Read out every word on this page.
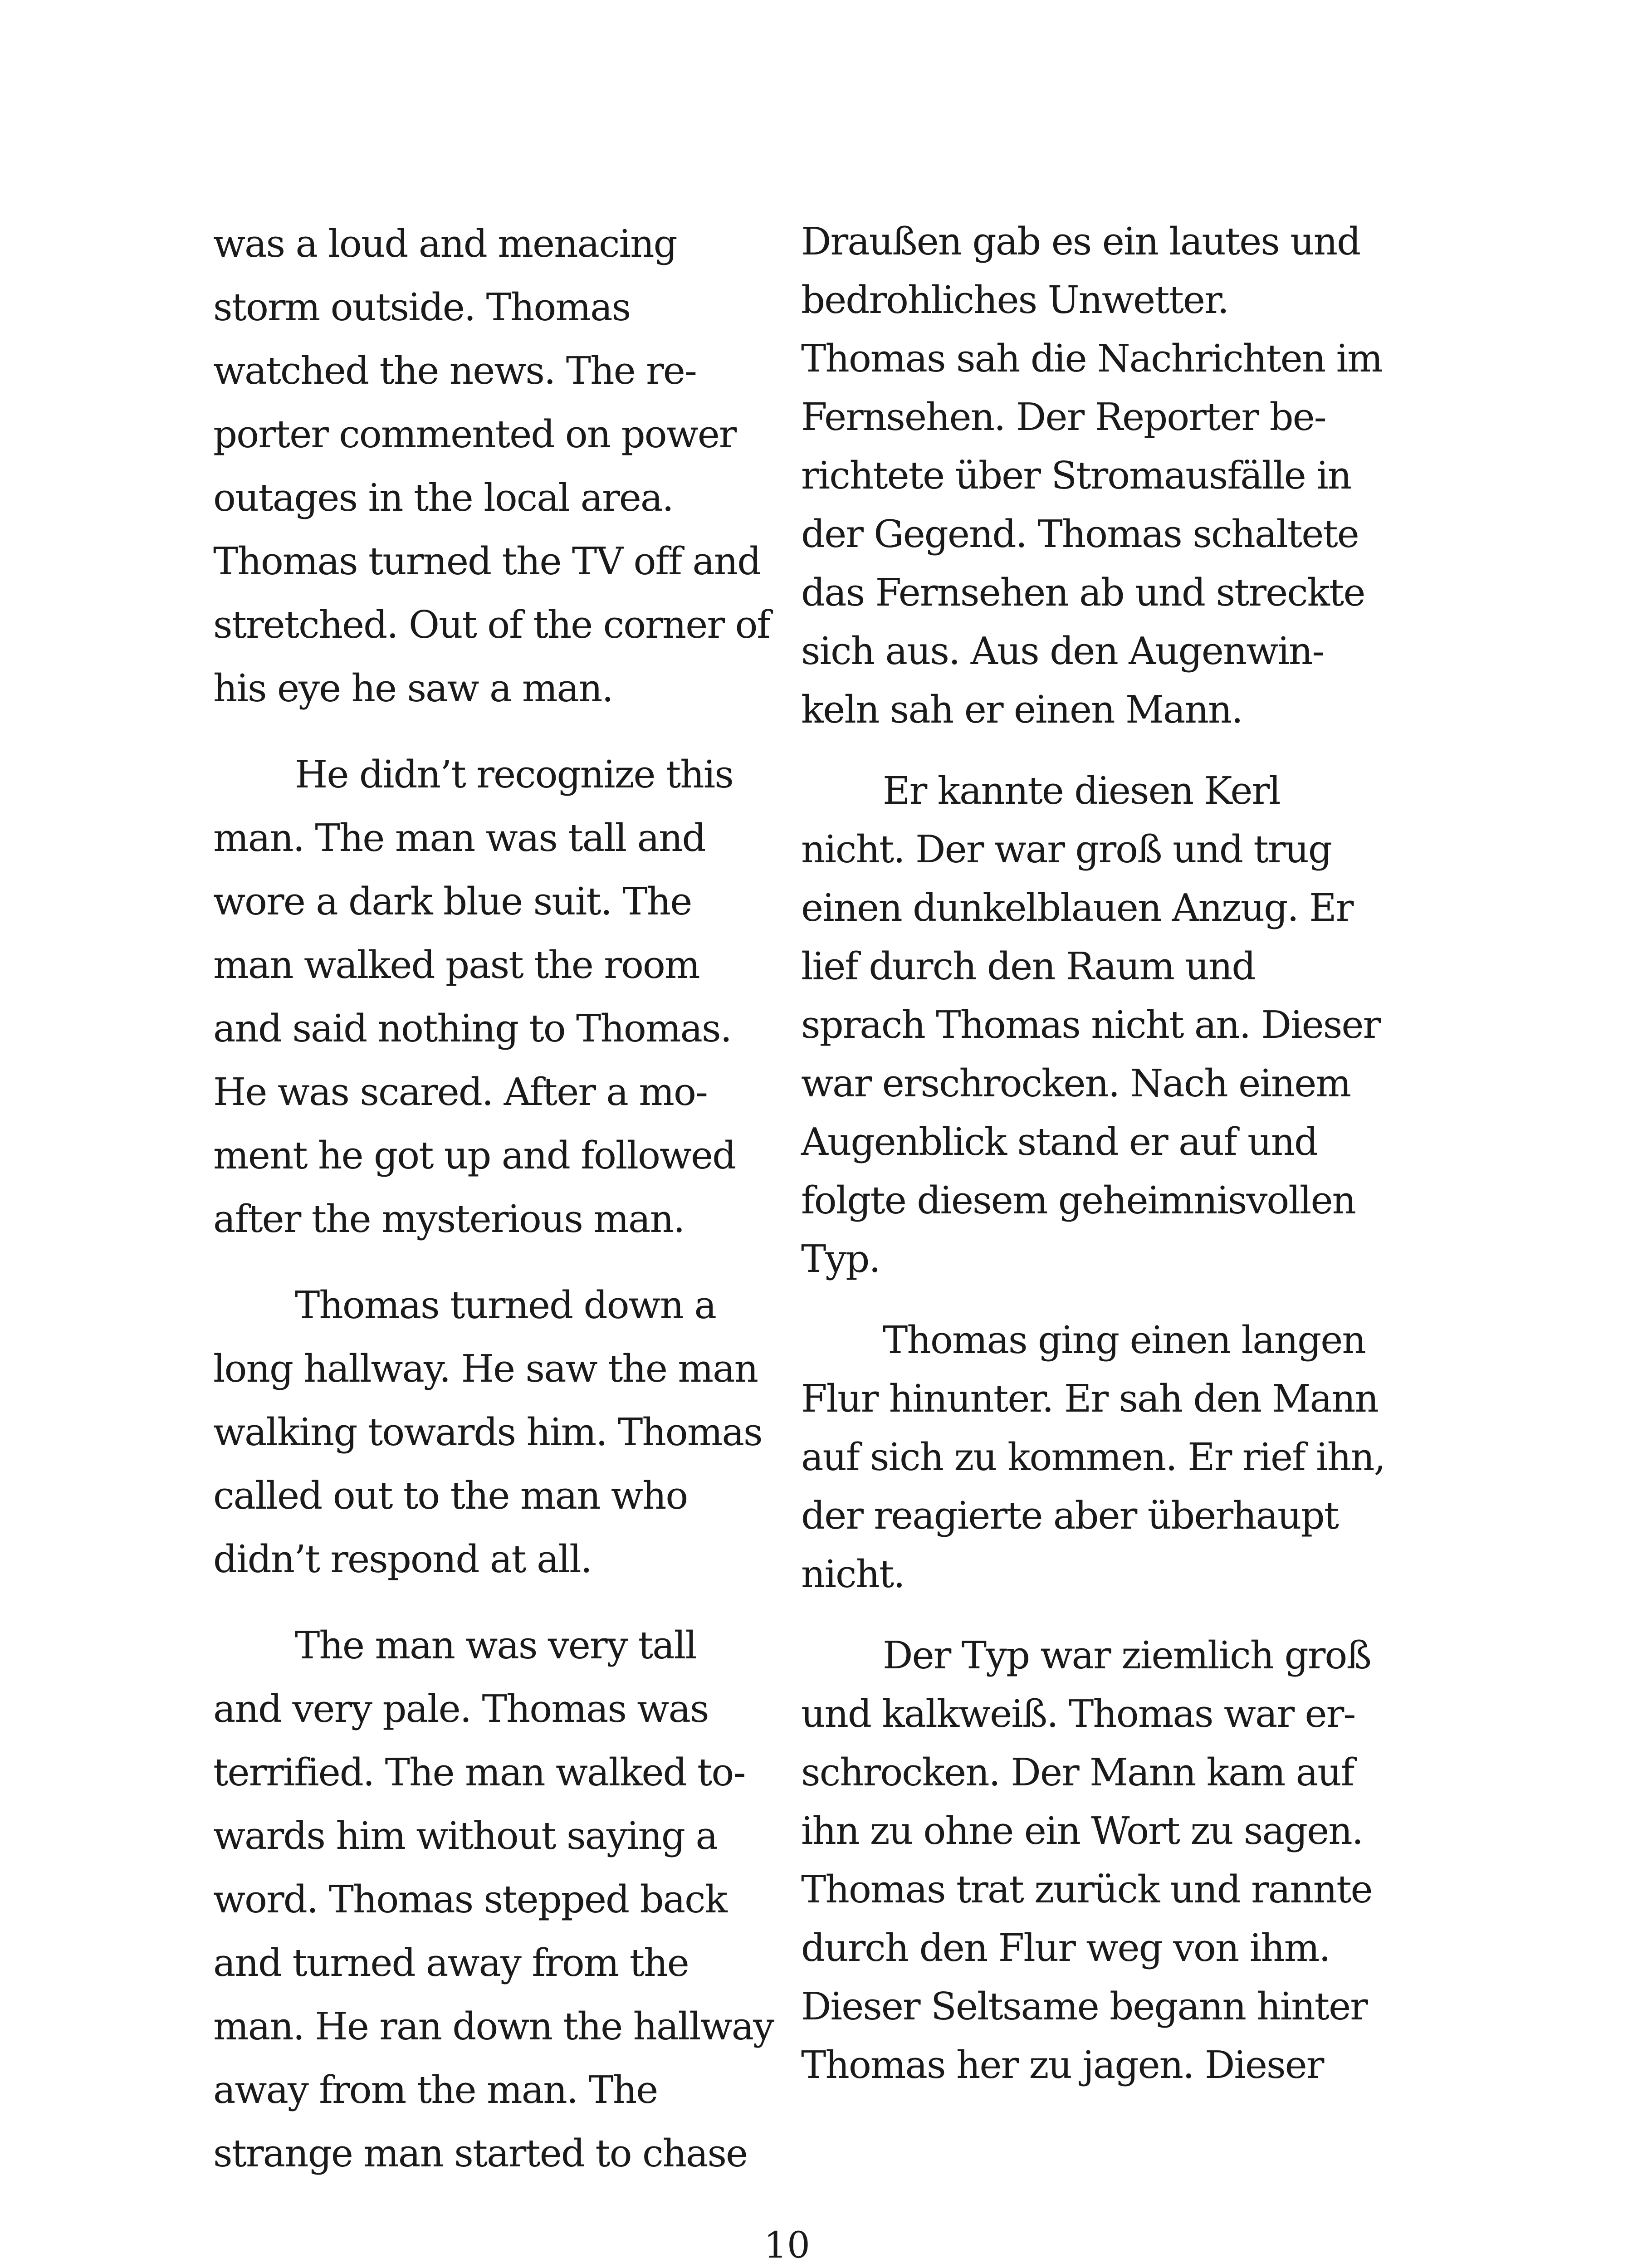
was a loud and menacing
storm outside. Thomas
watched the news. The re-
porter commented on power
outages in the local area.
Thomas turned the TV off and
stretched. Out of the corner of
his eye he saw a man.
He didn’t recognize this
man. The man was tall and
wore a dark blue suit. The
man walked past the room
and said nothing to Thomas.
He was scared. After a mo-
ment he got up and followed
after the mysterious man.
Thomas turned down a
long hallway. He saw the man
walking towards him. Thomas
called out to the man who
didn’t respond at all.
The man was very tall
and very pale. Thomas was
terrified. The man walked to-
wards him without saying a
word. Thomas stepped back
and turned away from the
man. He ran down the hallway
away from the man. The
strange man started to chase
Draußen gab es ein lautes und
bedrohliches Unwetter.
Thomas sah die Nachrichten im
Fernsehen. Der Reporter be-
richtete über Stromausfälle in
der Gegend. Thomas schaltete
das Fernsehen ab und streckte
sich aus. Aus den Augenwin-
keln sah er einen Mann.
Er kannte diesen Kerl
nicht. Der war groß und trug
einen dunkelblauen Anzug. Er
lief durch den Raum und
sprach Thomas nicht an. Dieser
war erschrocken. Nach einem
Augenblick stand er auf und
folgte diesem geheimnisvollen
Typ.
Thomas ging einen langen
Flur hinunter. Er sah den Mann
auf sich zu kommen. Er rief ihn,
der reagierte aber überhaupt
nicht.
Der Typ war ziemlich groß
und kalkweiß. Thomas war er-
schrocken. Der Mann kam auf
ihn zu ohne ein Wort zu sagen.
Thomas trat zurück und rannte
durch den Flur weg von ihm.
Dieser Seltsame begann hinter
Thomas her zu jagen. Dieser
10
